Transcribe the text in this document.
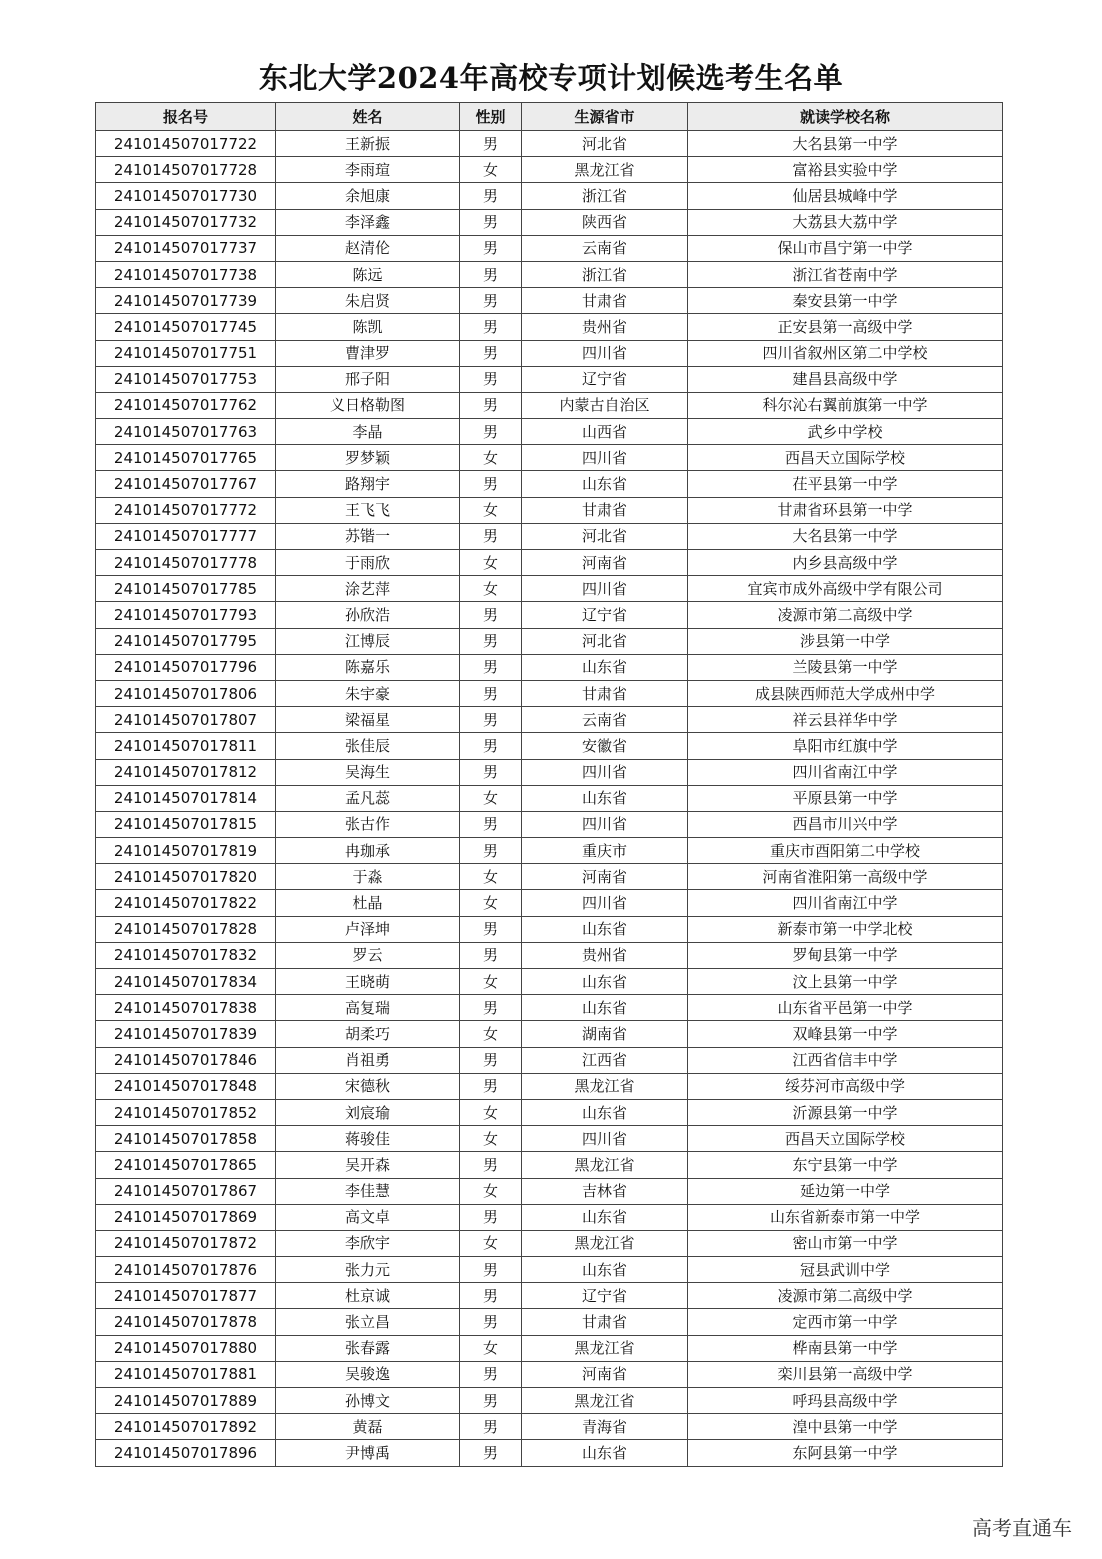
东北大学2024年高校专项计划候选考生名单
报名号	姓名	性别	生源省市	就读学校名称
241014507017722	王新振	男	河北省	大名县第一中学
241014507017728	李雨瑄	女	黑龙江省	富裕县实验中学
241014507017730	余旭康	男	浙江省	仙居县城峰中学
241014507017732	李泽鑫	男	陕西省	大荔县大荔中学
241014507017737	赵清伦	男	云南省	保山市昌宁第一中学
241014507017738	陈远	男	浙江省	浙江省苍南中学
241014507017739	朱启贤	男	甘肃省	秦安县第一中学
241014507017745	陈凯	男	贵州省	正安县第一高级中学
241014507017751	曹津罗	男	四川省	四川省叙州区第二中学校
241014507017753	邢子阳	男	辽宁省	建昌县高级中学
241014507017762	义日格勒图	男	内蒙古自治区	科尔沁右翼前旗第一中学
241014507017763	李晶	男	山西省	武乡中学校
241014507017765	罗梦颖	女	四川省	西昌天立国际学校
241014507017767	路翔宇	男	山东省	茌平县第一中学
241014507017772	王飞飞	女	甘肃省	甘肃省环县第一中学
241014507017777	苏锴一	男	河北省	大名县第一中学
241014507017778	于雨欣	女	河南省	内乡县高级中学
241014507017785	涂艺萍	女	四川省	宜宾市成外高级中学有限公司
241014507017793	孙欣浩	男	辽宁省	凌源市第二高级中学
241014507017795	江博辰	男	河北省	涉县第一中学
241014507017796	陈嘉乐	男	山东省	兰陵县第一中学
241014507017806	朱宇豪	男	甘肃省	成县陕西师范大学成州中学
241014507017807	梁福星	男	云南省	祥云县祥华中学
241014507017811	张佳辰	男	安徽省	阜阳市红旗中学
241014507017812	吴海生	男	四川省	四川省南江中学
241014507017814	孟凡蕊	女	山东省	平原县第一中学
241014507017815	张古作	男	四川省	西昌市川兴中学
241014507017819	冉珈承	男	重庆市	重庆市酉阳第二中学校
241014507017820	于淼	女	河南省	河南省淮阳第一高级中学
241014507017822	杜晶	女	四川省	四川省南江中学
241014507017828	卢泽坤	男	山东省	新泰市第一中学北校
241014507017832	罗云	男	贵州省	罗甸县第一中学
241014507017834	王晓萌	女	山东省	汶上县第一中学
241014507017838	高复瑞	男	山东省	山东省平邑第一中学
241014507017839	胡柔巧	女	湖南省	双峰县第一中学
241014507017846	肖祖勇	男	江西省	江西省信丰中学
241014507017848	宋德秋	男	黑龙江省	绥芬河市高级中学
241014507017852	刘宸瑜	女	山东省	沂源县第一中学
241014507017858	蒋骏佳	女	四川省	西昌天立国际学校
241014507017865	吴开森	男	黑龙江省	东宁县第一中学
241014507017867	李佳慧	女	吉林省	延边第一中学
241014507017869	高文卓	男	山东省	山东省新泰市第一中学
241014507017872	李欣宇	女	黑龙江省	密山市第一中学
241014507017876	张力元	男	山东省	冠县武训中学
241014507017877	杜京诚	男	辽宁省	凌源市第二高级中学
241014507017878	张立昌	男	甘肃省	定西市第一中学
241014507017880	张春露	女	黑龙江省	桦南县第一中学
241014507017881	吴骏逸	男	河南省	栾川县第一高级中学
241014507017889	孙博文	男	黑龙江省	呼玛县高级中学
241014507017892	黄磊	男	青海省	湟中县第一中学
241014507017896	尹博禹	男	山东省	东阿县第一中学
高考直通车
